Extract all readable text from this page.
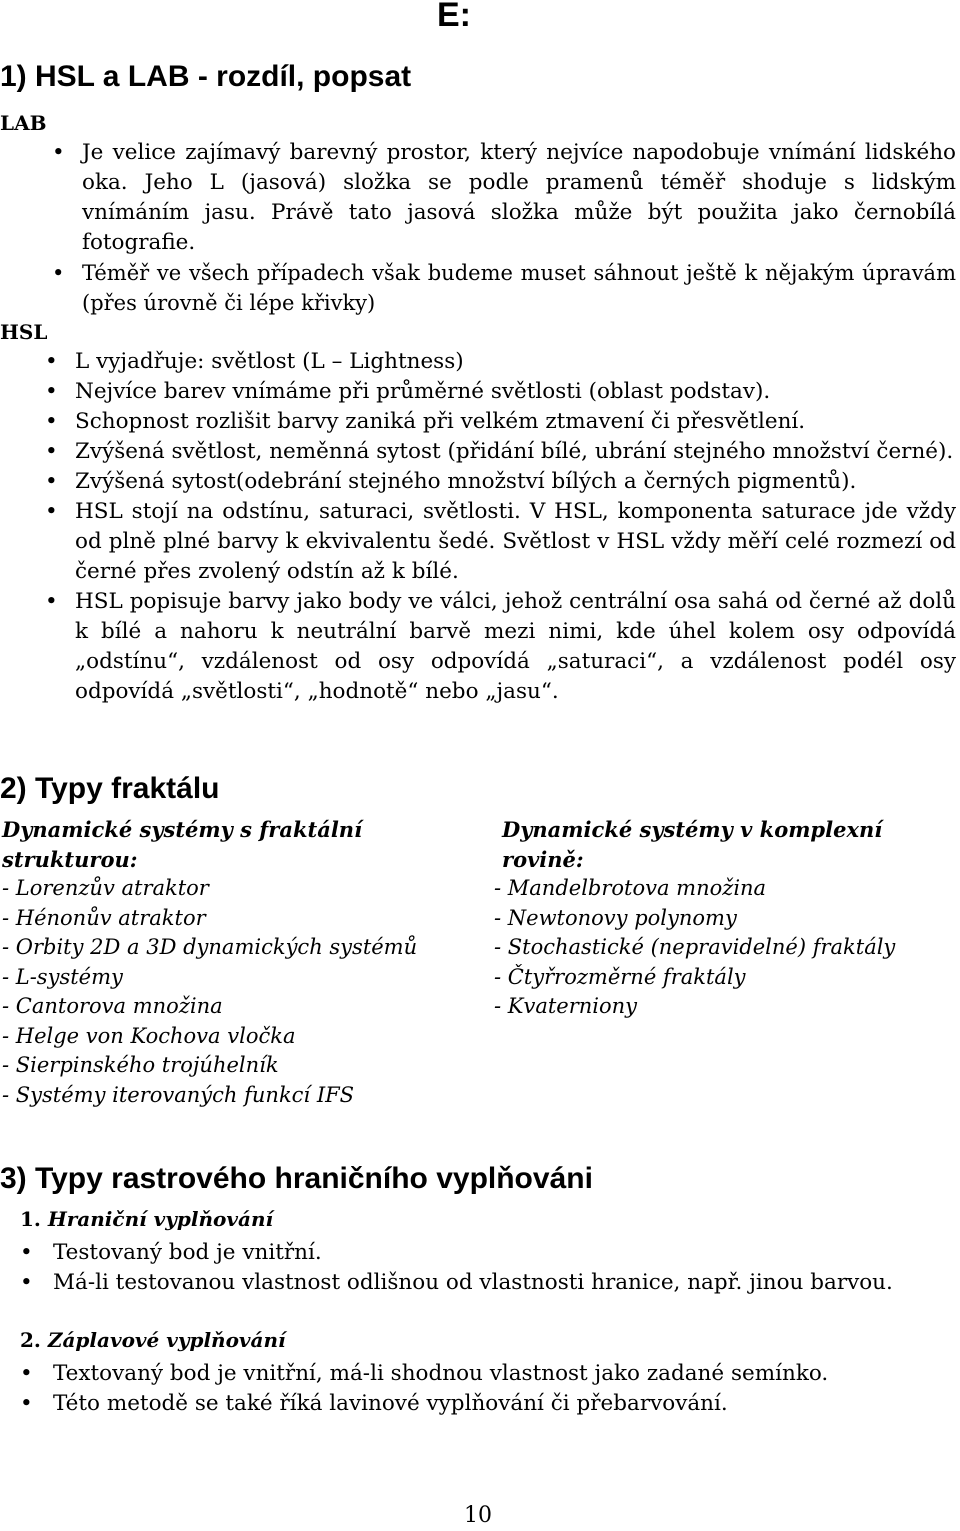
E:
1) HSL a LAB - rozdíl, popsat
LAB
• Je velice zajímavý barevný prostor, který nejvíce napodobuje vnímání lidského oka. Jeho L (jasová) složka se podle pramenů téměř shoduje s lidským vnímáním jasu. Právě tato jasová složka může být použita jako černobílá fotografie.
• Téměř ve všech případech však budeme muset sáhnout ještě k nějakým úpravám (přes úrovně či lépe křivky)
HSL
• L vyjadřuje: světlost (L – Lightness)
• Nejvíce barev vnímáme při průměrné světlosti (oblast podstav).
• Schopnost rozlišit barvy zaniká při velkém ztmavení či přesvětlení.
• Zvýšená světlost, neměnná sytost (přidání bílé, ubrání stejného množství černé).
• Zvýšená sytost(odebrání stejného množství bílých a černých pigmentů).
• HSL stojí na odstínu, saturaci, světlosti. V HSL, komponenta saturace jde vždy od plně plné barvy k ekvivalentu šedé. Světlost v HSL vždy měří celé rozmezí od černé přes zvolený odstín až k bílé.
• HSL popisuje barvy jako body ve válci, jehož centrální osa sahá od černé až dolů k bílé a nahoru k neutrální barvě mezi nimi, kde úhel kolem osy odpovídá „odstínu“, vzdálenost od osy odpovídá „saturaci“, a vzdálenost podél osy odpovídá „světlosti“, „hodnotě“ nebo „jasu“.
2) Typy fraktálu
Dynamické systémy s fraktální strukturou:
- Lorenzův atraktor
- Hénonův atraktor
- Orbity 2D a 3D dynamických systémů
- L-systémy
- Cantorova množina
- Helge von Kochova vločka
- Sierpinského trojúhelník
- Systémy iterovaných funkcí IFS
Dynamické systémy v komplexní rovině:
- Mandelbrotova množina
- Newtonovy polynomy
- Stochastické (nepravidelné) fraktály
- Čtyřrozměrné fraktály
- Kvaterniony
3) Typy rastrového hraničního vyplňováni
1. Hraniční vyplňování
• Testovaný bod je vnitřní.
• Má-li testovanou vlastnost odlišnou od vlastnosti hranice, např. jinou barvou.
2. Záplavové vyplňování
• Textovaný bod je vnitřní, má-li shodnou vlastnost jako zadané semínko.
• Této metodě se také říká lavinové vyplňování či přebarvování.
10
